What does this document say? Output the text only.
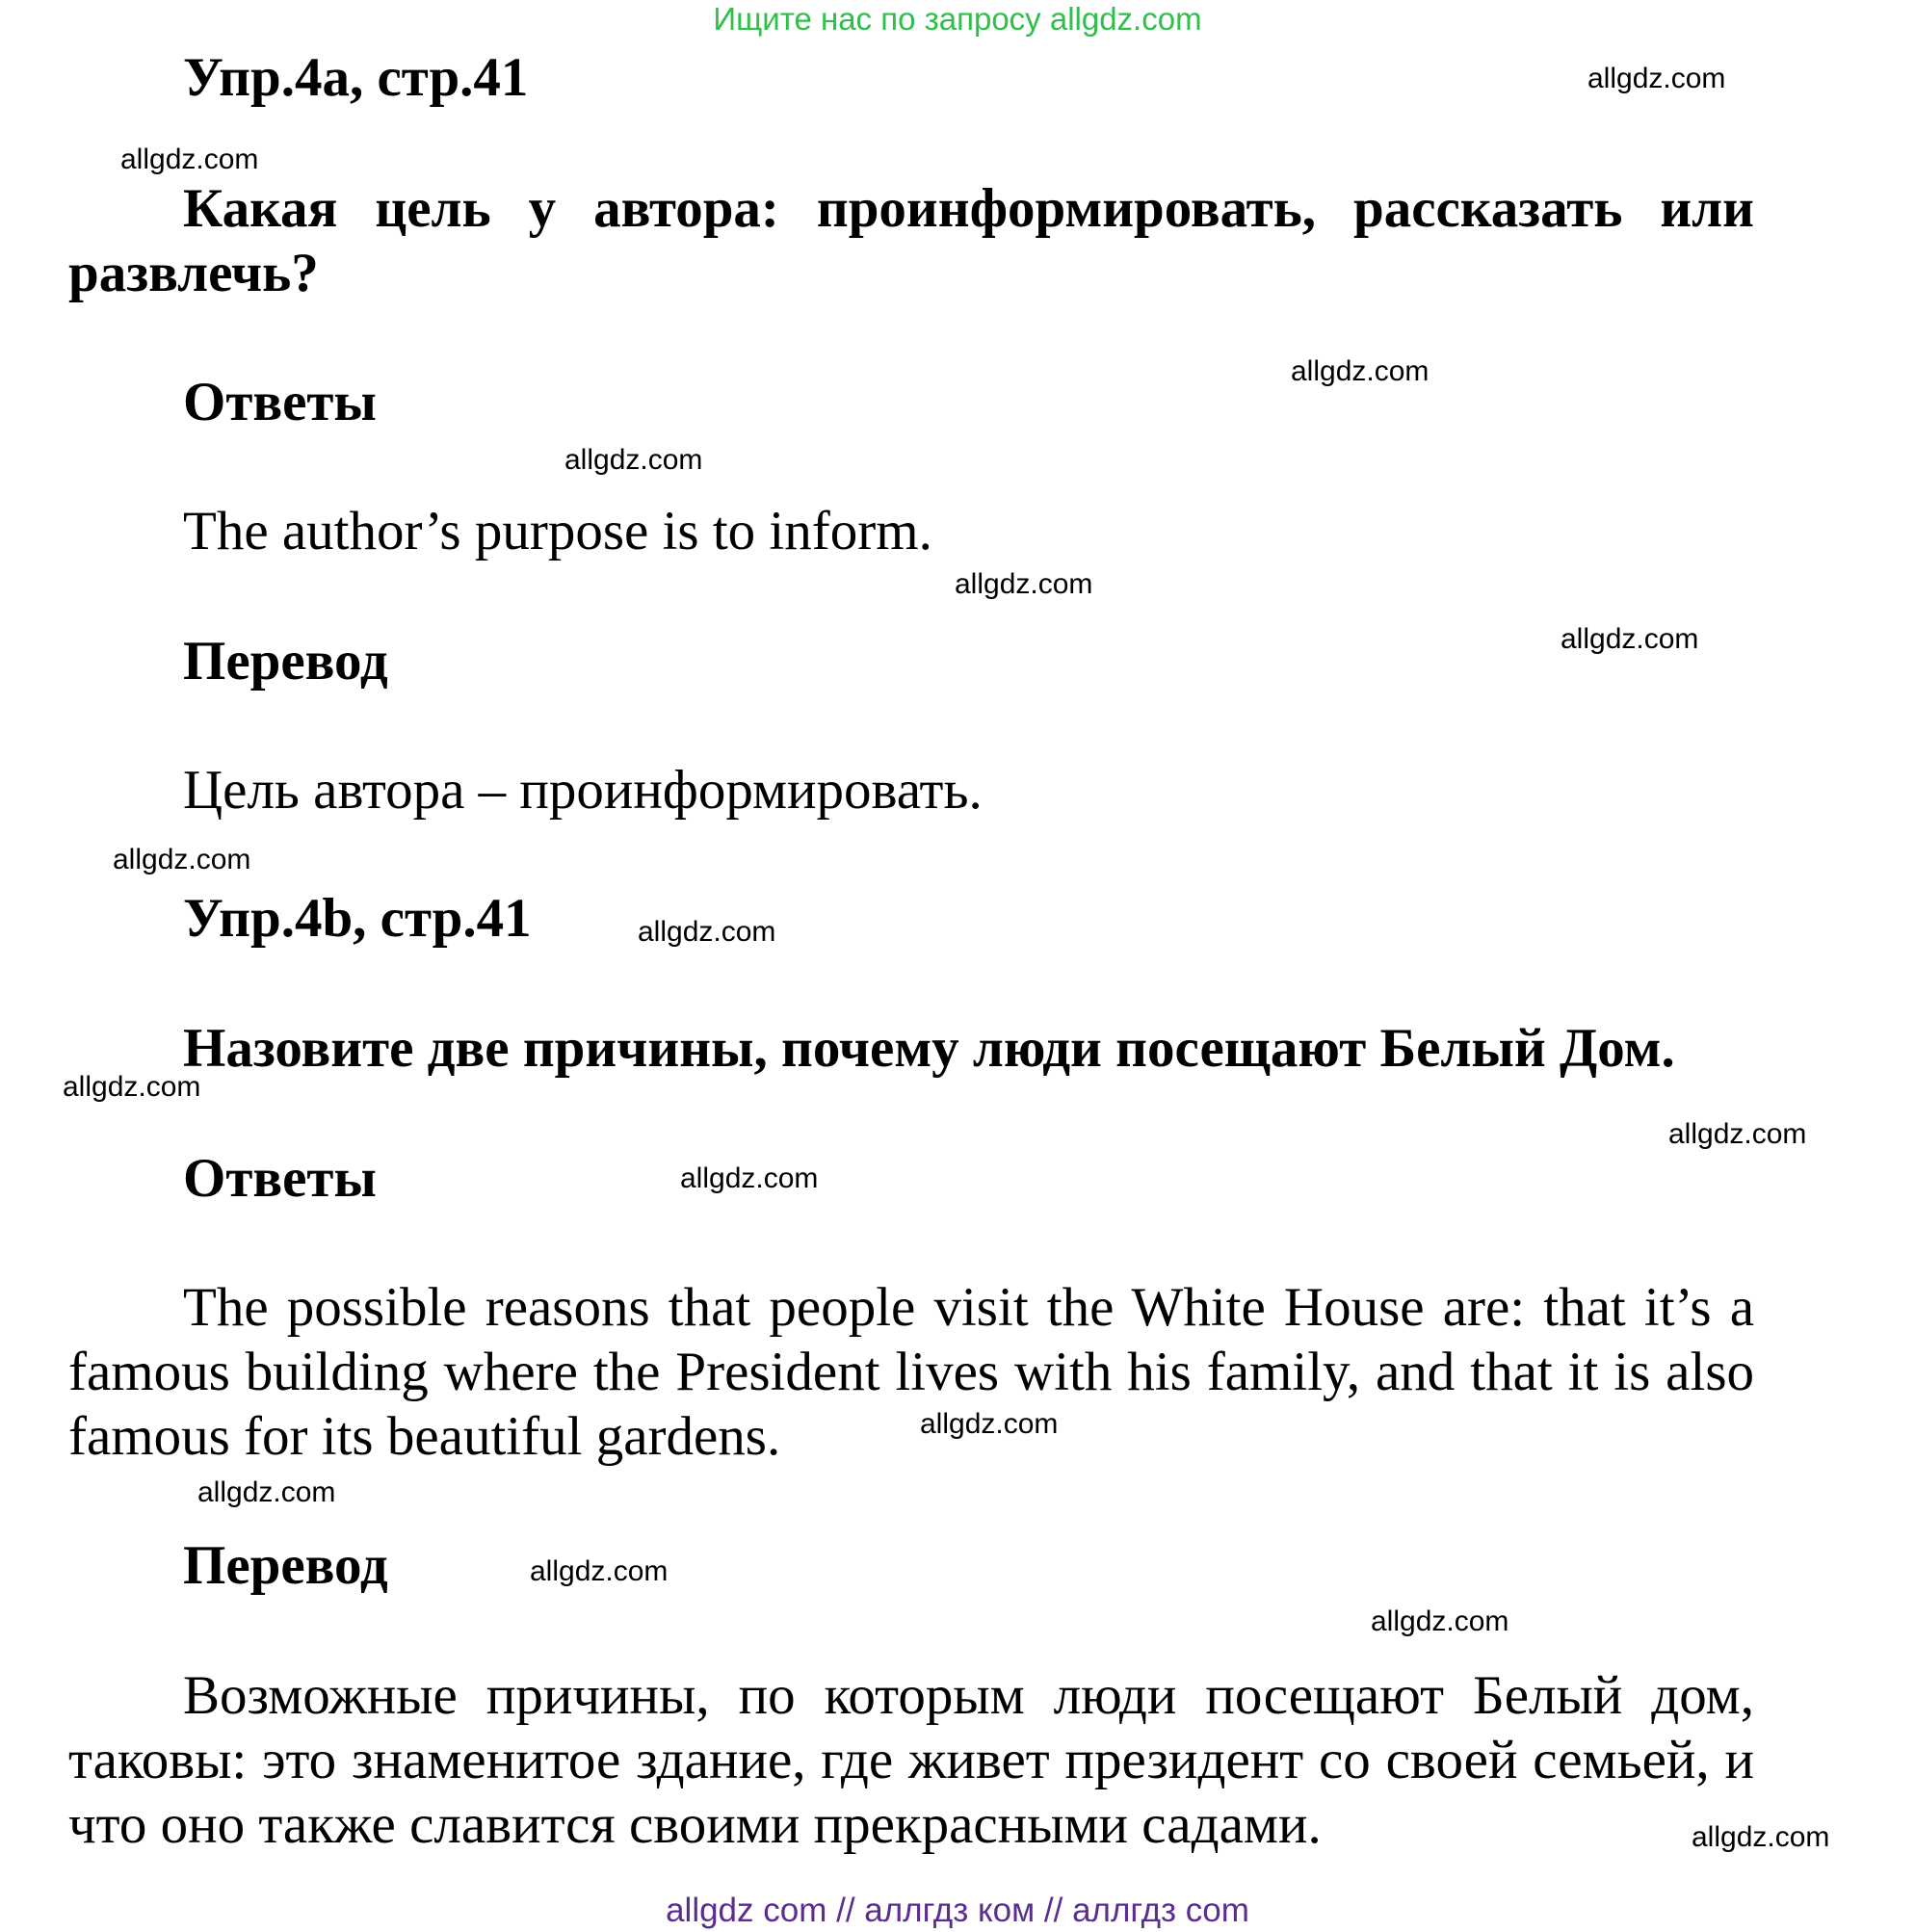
Ищите нас по запросу allgdz.com
Упр.4a, стр.41
Какая цель у автора: проинформировать, рассказать или развлечь?
Ответы
The author’s purpose is to inform.
Перевод
Цель автора – проинформировать.
Упр.4b, стр.41
Назовите две причины, почему люди посещают Белый Дом.
Ответы
The possible reasons that people visit the White House are: that it’s a famous building where the President lives with his family, and that it is also famous for its beautiful gardens.
Перевод
Возможные причины, по которым люди посещают Белый дом, таковы: это знаменитое здание, где живет президент со своей семьей, и что оно также славится своими прекрасными садами.
allgdz.com
allgdz.com
allgdz.com
allgdz.com
allgdz.com
allgdz.com
allgdz.com
allgdz.com
allgdz.com
allgdz.com
allgdz.com
allgdz.com
allgdz.com
allgdz.com
allgdz.com
allgdz.com
allgdz com // аллгдз ком // аллгдз com
